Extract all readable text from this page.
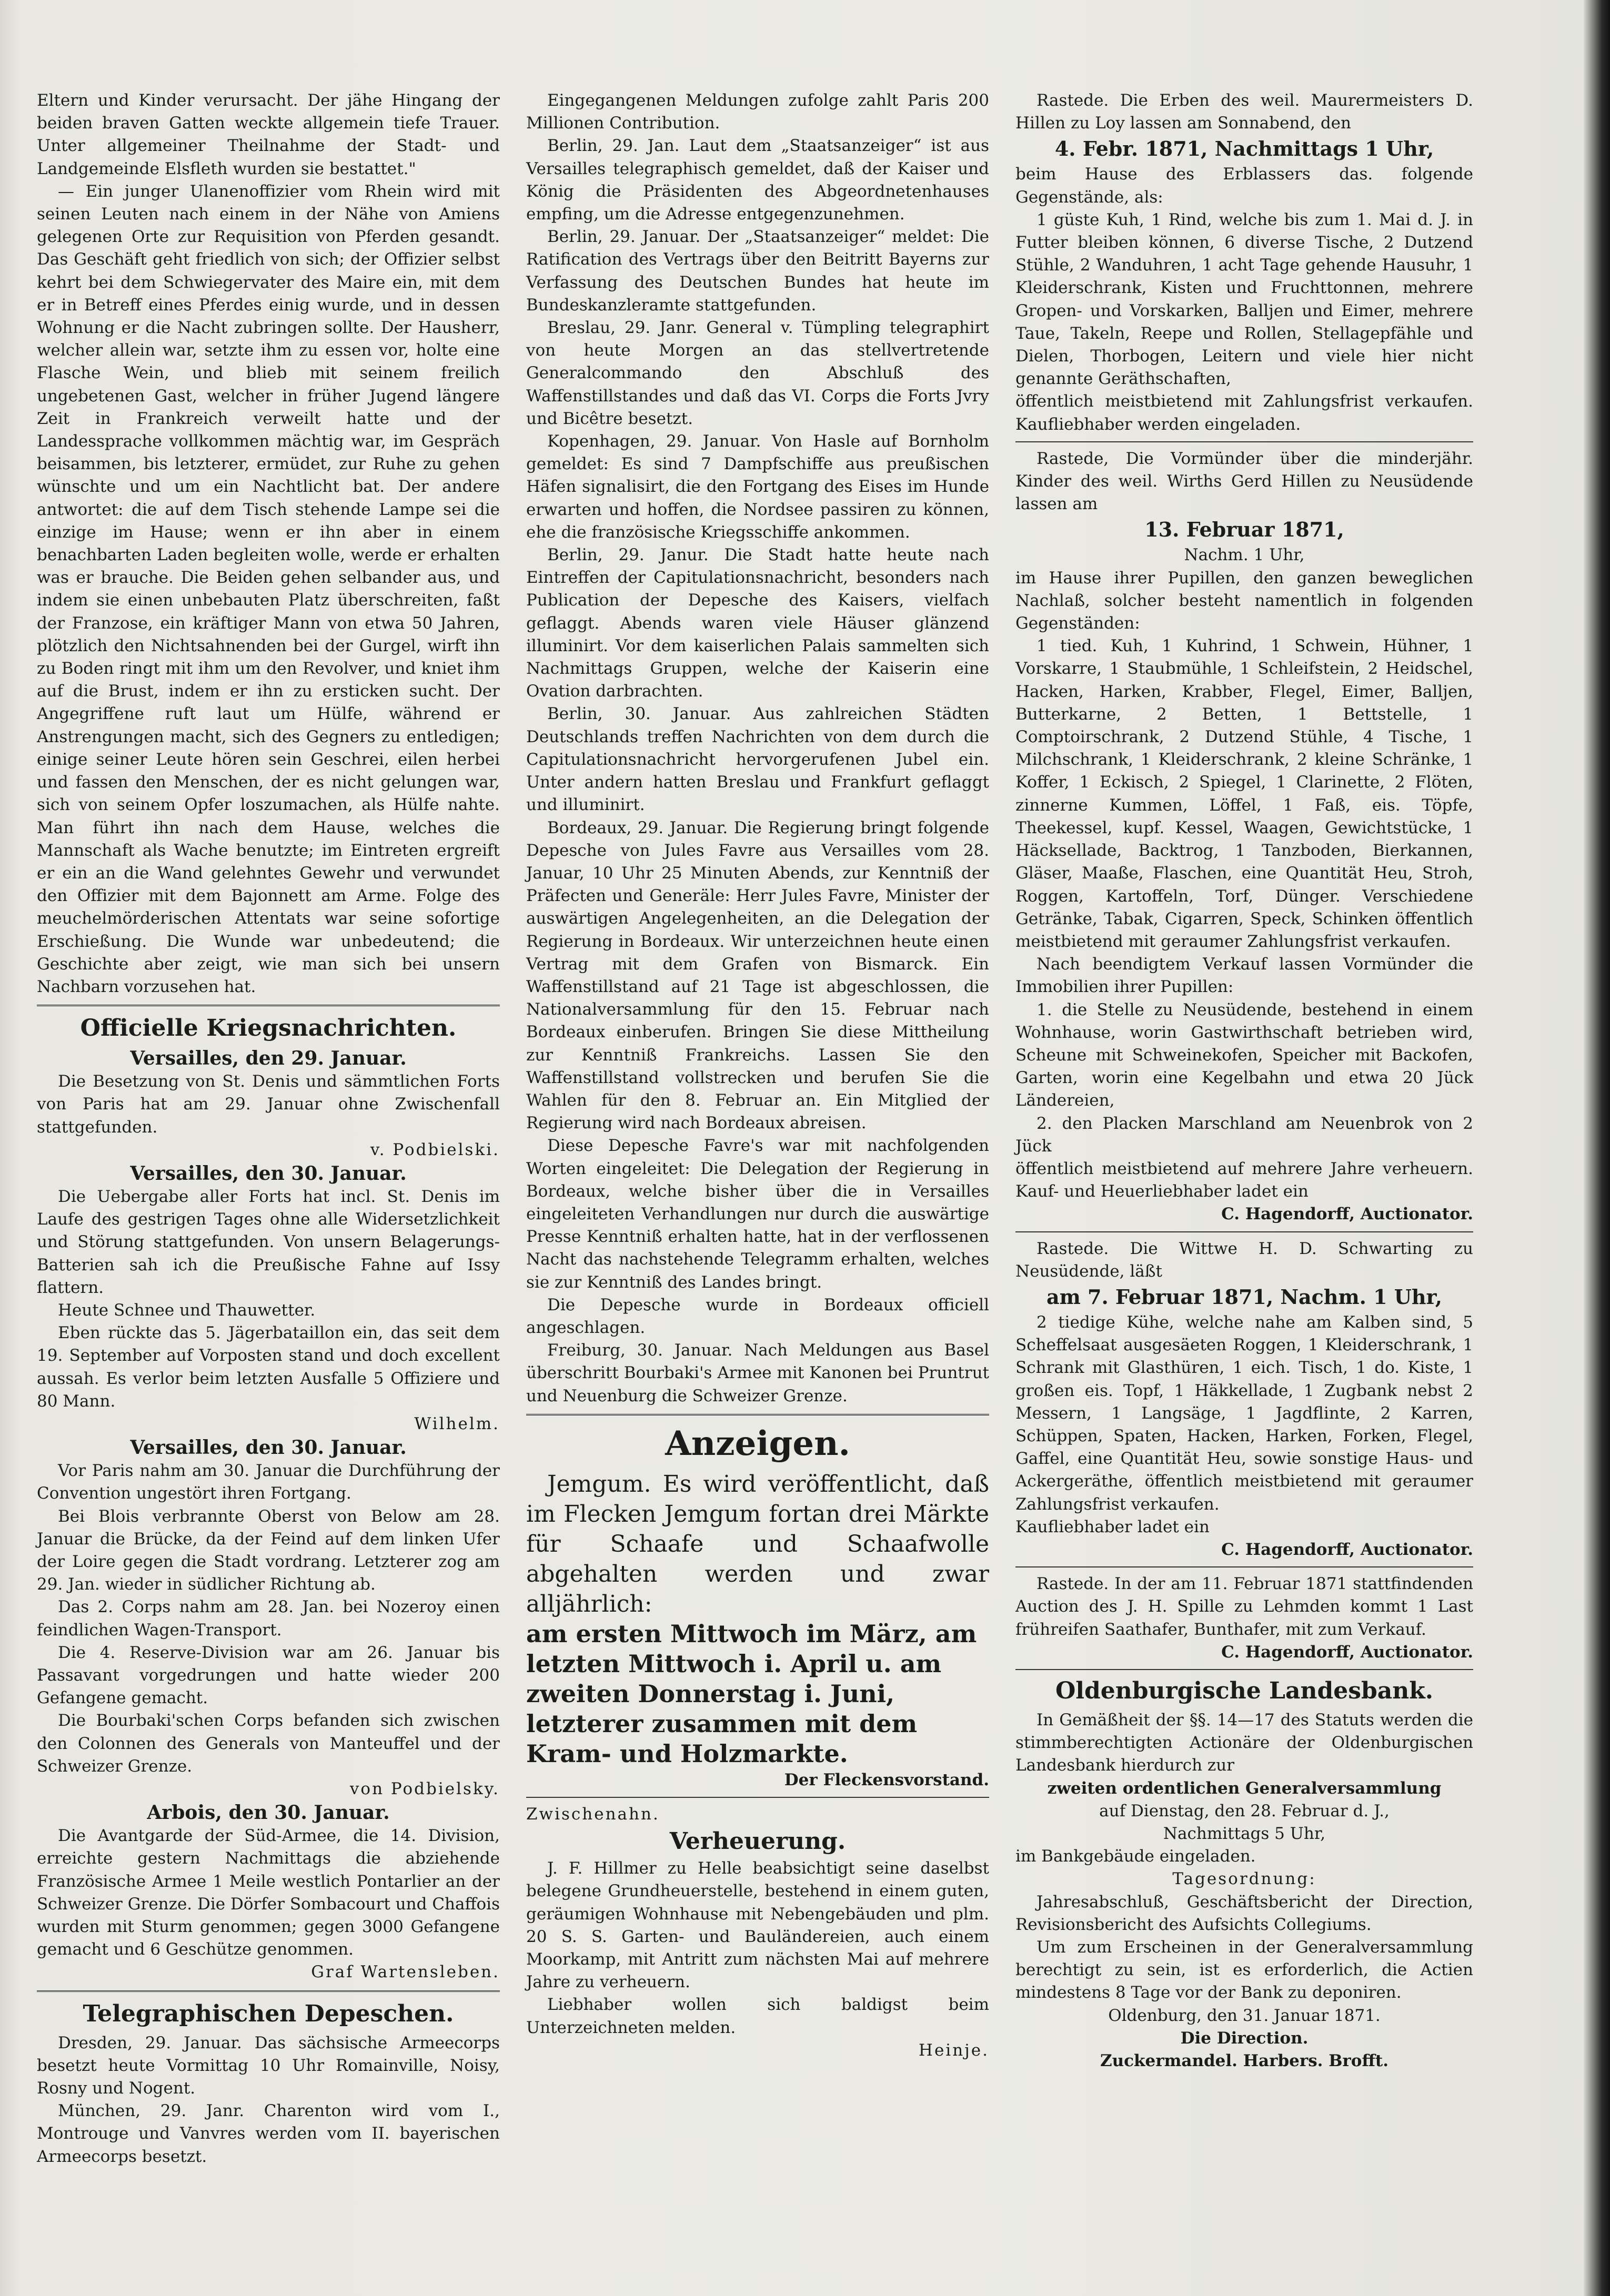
Eltern und Kinder verursacht. Der jähe Hingang der beiden braven Gatten weckte allgemein tiefe Trauer. Unter allgemeiner Theilnahme der Stadt- und Landgemeinde Elsfleth wurden sie bestattet."

— Ein junger Ulanenoffizier vom Rhein wird mit seinen Leuten nach einem in der Nähe von Amiens gelegenen Orte zur Requisition von Pferden gesandt. Das Geschäft geht friedlich von sich; der Offizier selbst kehrt bei dem Schwiegervater des Maire ein, mit dem er in Betreff eines Pferdes einig wurde, und in dessen Wohnung er die Nacht zubringen sollte. Der Hausherr, welcher allein war, setzte ihm zu essen vor, holte eine Flasche Wein, und blieb mit seinem freilich ungebetenen Gast, welcher in früher Jugend längere Zeit in Frankreich verweilt hatte und der Landessprache vollkommen mächtig war, im Gespräch beisammen, bis letzterer, ermüdet, zur Ruhe zu gehen wünschte und um ein Nachtlicht bat. Der andere antwortet: die auf dem Tisch stehende Lampe sei die einzige im Hause; wenn er ihn aber in einem benachbarten Laden begleiten wolle, werde er erhalten was er brauche. Die Beiden gehen selbander aus, und indem sie einen unbebauten Platz überschreiten, faßt der Franzose, ein kräftiger Mann von etwa 50 Jahren, plötzlich den Nichtsahnenden bei der Gurgel, wirft ihn zu Boden ringt mit ihm um den Revolver, und kniet ihm auf die Brust, indem er ihn zu ersticken sucht. Der Angegriffene ruft laut um Hülfe, während er Anstrengungen macht, sich des Gegners zu entledigen; einige seiner Leute hören sein Geschrei, eilen herbei und fassen den Menschen, der es nicht gelungen war, sich von seinem Opfer loszumachen, als Hülfe nahte. Man führt ihn nach dem Hause, welches die Mannschaft als Wache benutzte; im Eintreten ergreift er ein an die Wand gelehntes Gewehr und verwundet den Offizier mit dem Bajonnett am Arme. Folge des meuchelmörderischen Attentats war seine sofortige Erschießung. Die Wunde war unbedeutend; die Geschichte aber zeigt, wie man sich bei unsern Nachbarn vorzusehen hat.

Officielle Kriegsnachrichten.
Versailles, den 29. Januar.

Die Besetzung von St. Denis und sämmtlichen Forts von Paris hat am 29. Januar ohne Zwischenfall stattgefunden.

v. Podbielski.

Versailles, den 30. Januar.

Die Uebergabe aller Forts hat incl. St. Denis im Laufe des gestrigen Tages ohne alle Widersetzlichkeit und Störung stattgefunden. Von unsern Belagerungs-Batterien sah ich die Preußische Fahne auf Issy flattern.

Heute Schnee und Thauwetter.

Eben rückte das 5. Jägerbataillon ein, das seit dem 19. September auf Vorposten stand und doch excellent aussah. Es verlor beim letzten Ausfalle 5 Offiziere und 80 Mann.

Wilhelm.

Versailles, den 30. Januar.

Vor Paris nahm am 30. Januar die Durchführung der Convention ungestört ihren Fortgang.

Bei Blois verbrannte Oberst von Below am 28. Januar die Brücke, da der Feind auf dem linken Ufer der Loire gegen die Stadt vordrang. Letzterer zog am 29. Jan. wieder in südlicher Richtung ab.

Das 2. Corps nahm am 28. Jan. bei Nozeroy einen feindlichen Wagen-Transport.

Die 4. Reserve-Division war am 26. Januar bis Passavant vorgedrungen und hatte wieder 200 Gefangene gemacht.

Die Bourbaki'schen Corps befanden sich zwischen den Colonnen des Generals von Manteuffel und der Schweizer Grenze.

von Podbielsky.

Arbois, den 30. Januar.

Die Avantgarde der Süd-Armee, die 14. Division, erreichte gestern Nachmittags die abziehende Französische Armee 1 Meile westlich Pontarlier an der Schweizer Grenze. Die Dörfer Sombacourt und Chaffois wurden mit Sturm genommen; gegen 3000 Gefangene gemacht und 6 Geschütze genommen.

Graf Wartensleben.

Telegraphischen Depeschen.

Dresden, 29. Januar. Das sächsische Armeecorps besetzt heute Vormittag 10 Uhr Romainville, Noisy, Rosny und Nogent.

München, 29. Janr. Charenton wird vom I., Montrouge und Vanvres werden vom II. bayerischen Armeecorps besetzt.

Eingegangenen Meldungen zufolge zahlt Paris 200 Millionen Contribution.

Berlin, 29. Jan. Laut dem „Staatsanzeiger“ ist aus Versailles telegraphisch gemeldet, daß der Kaiser und König die Präsidenten des Abgeordnetenhauses empfing, um die Adresse entgegenzunehmen.

Berlin, 29. Januar. Der „Staatsanzeiger“ meldet: Die Ratification des Vertrags über den Beitritt Bayerns zur Verfassung des Deutschen Bundes hat heute im Bundeskanzleramte stattgefunden.

Breslau, 29. Janr. General v. Tümpling telegraphirt von heute Morgen an das stellvertretende Generalcommando den Abschluß des Waffenstillstandes und daß das VI. Corps die Forts Jvry und Bicêtre besetzt.

Kopenhagen, 29. Januar. Von Hasle auf Bornholm gemeldet: Es sind 7 Dampfschiffe aus preußischen Häfen signalisirt, die den Fortgang des Eises im Hunde erwarten und hoffen, die Nordsee passiren zu können, ehe die französische Kriegsschiffe ankommen.

Berlin, 29. Janur. Die Stadt hatte heute nach Eintreffen der Capitulationsnachricht, besonders nach Publication der Depesche des Kaisers, vielfach geflaggt. Abends waren viele Häuser glänzend illuminirt. Vor dem kaiserlichen Palais sammelten sich Nachmittags Gruppen, welche der Kaiserin eine Ovation darbrachten.

Berlin, 30. Januar. Aus zahlreichen Städten Deutschlands treffen Nachrichten von dem durch die Capitulationsnachricht hervorgerufenen Jubel ein. Unter andern hatten Breslau und Frankfurt geflaggt und illuminirt.

Bordeaux, 29. Januar. Die Regierung bringt folgende Depesche von Jules Favre aus Versailles vom 28. Januar, 10 Uhr 25 Minuten Abends, zur Kenntniß der Präfecten und Generäle: Herr Jules Favre, Minister der auswärtigen Angelegenheiten, an die Delegation der Regierung in Bordeaux. Wir unterzeichnen heute einen Vertrag mit dem Grafen von Bismarck. Ein Waffenstillstand auf 21 Tage ist abgeschlossen, die Nationalversammlung für den 15. Februar nach Bordeaux einberufen. Bringen Sie diese Mittheilung zur Kenntniß Frankreichs. Lassen Sie den Waffenstillstand vollstrecken und berufen Sie die Wahlen für den 8. Februar an. Ein Mitglied der Regierung wird nach Bordeaux abreisen.

Diese Depesche Favre's war mit nachfolgenden Worten eingeleitet: Die Delegation der Regierung in Bordeaux, welche bisher über die in Versailles eingeleiteten Verhandlungen nur durch die auswärtige Presse Kenntniß erhalten hatte, hat in der verflossenen Nacht das nachstehende Telegramm erhalten, welches sie zur Kenntniß des Landes bringt.

Die Depesche wurde in Bordeaux officiell angeschlagen.

Freiburg, 30. Januar. Nach Meldungen aus Basel überschritt Bourbaki's Armee mit Kanonen bei Pruntrut und Neuenburg die Schweizer Grenze.

Anzeigen.

Jemgum. Es wird veröffentlicht, daß im Flecken Jemgum fortan drei Märkte für Schaafe und Schaafwolle abgehalten werden und zwar alljährlich:

am ersten Mittwoch im März, am letzten Mittwoch i. April u. am zweiten Donnerstag i. Juni, letzterer zusammen mit dem Kram- und Holzmarkte.

Der Fleckensvorstand.

Zwischenahn.

Verheuerung.

J. F. Hillmer zu Helle beabsichtigt seine daselbst belegene Grundheuerstelle, bestehend in einem guten, geräumigen Wohnhause mit Nebengebäuden und plm. 20 S. S. Garten- und Bauländereien, auch einem Moorkamp, mit Antritt zum nächsten Mai auf mehrere Jahre zu verheuern.

Liebhaber wollen sich baldigst beim Unterzeichneten melden.

Heinje.

Rastede. Die Erben des weil. Maurermeisters D. Hillen zu Loy lassen am Sonnabend, den

4. Febr. 1871, Nachmittags 1 Uhr,

beim Hause des Erblassers das. folgende Gegenstände, als:

1 güste Kuh, 1 Rind, welche bis zum 1. Mai d. J. in Futter bleiben können, 6 diverse Tische, 2 Dutzend Stühle, 2 Wanduhren, 1 acht Tage gehende Hausuhr, 1 Kleiderschrank, Kisten und Fruchttonnen, mehrere Gropen- und Vorskarken, Balljen und Eimer, mehrere Taue, Takeln, Reepe und Rollen, Stellagepfähle und Dielen, Thorbogen, Leitern und viele hier nicht genannte Geräthschaften,

öffentlich meistbietend mit Zahlungsfrist verkaufen. Kaufliebhaber werden eingeladen.

Rastede, Die Vormünder über die minderjähr. Kinder des weil. Wirths Gerd Hillen zu Neusüdende lassen am

13. Februar 1871,

Nachm. 1 Uhr,

im Hause ihrer Pupillen, den ganzen beweglichen Nachlaß, solcher besteht namentlich in folgenden Gegenständen:

1 tied. Kuh, 1 Kuhrind, 1 Schwein, Hühner, 1 Vorskarre, 1 Staubmühle, 1 Schleifstein, 2 Heidschel, Hacken, Harken, Krabber, Flegel, Eimer, Balljen, Butterkarne, 2 Betten, 1 Bettstelle, 1 Comptoirschrank, 2 Dutzend Stühle, 4 Tische, 1 Milchschrank, 1 Kleiderschrank, 2 kleine Schränke, 1 Koffer, 1 Eckisch, 2 Spiegel, 1 Clarinette, 2 Flöten, zinnerne Kummen, Löffel, 1 Faß, eis. Töpfe, Theekessel, kupf. Kessel, Waagen, Gewichtstücke, 1 Häcksellade, Backtrog, 1 Tanzboden, Bierkannen, Gläser, Maaße, Flaschen, eine Quantität Heu, Stroh, Roggen, Kartoffeln, Torf, Dünger. Verschiedene Getränke, Tabak, Cigarren, Speck, Schinken öffentlich meistbietend mit geraumer Zahlungsfrist verkaufen.

Nach beendigtem Verkauf lassen Vormünder die Immobilien ihrer Pupillen:

1. die Stelle zu Neusüdende, bestehend in einem Wohnhause, worin Gastwirthschaft betrieben wird, Scheune mit Schweinekofen, Speicher mit Backofen, Garten, worin eine Kegelbahn und etwa 20 Jück Ländereien,

2. den Placken Marschland am Neuenbrok von 2 Jück

öffentlich meistbietend auf mehrere Jahre verheuern. Kauf- und Heuerliebhaber ladet ein

C. Hagendorff, Auctionator.

Rastede. Die Wittwe H. D. Schwarting zu Neusüdende, läßt

am 7. Februar 1871, Nachm. 1 Uhr,

2 tiedige Kühe, welche nahe am Kalben sind, 5 Scheffelsaat ausgesäeten Roggen, 1 Kleiderschrank, 1 Schrank mit Glasthüren, 1 eich. Tisch, 1 do. Kiste, 1 großen eis. Topf, 1 Häkkellade, 1 Zugbank nebst 2 Messern, 1 Langsäge, 1 Jagdflinte, 2 Karren, Schüppen, Spaten, Hacken, Harken, Forken, Flegel, Gaffel, eine Quantität Heu, sowie sonstige Haus- und Ackergeräthe, öffentlich meistbietend mit geraumer Zahlungsfrist verkaufen.

Kaufliebhaber ladet ein

C. Hagendorff, Auctionator.

Rastede. In der am 11. Februar 1871 stattfindenden Auction des J. H. Spille zu Lehmden kommt 1 Last frühreifen Saathafer, Bunthafer, mit zum Verkauf.

C. Hagendorff, Auctionator.

Oldenburgische Landesbank.

In Gemäßheit der §§. 14—17 des Statuts werden die stimmberechtigten Actionäre der Oldenburgischen Landesbank hierdurch zur

zweiten ordentlichen Generalversammlung

auf Dienstag, den 28. Februar d. J.,

Nachmittags 5 Uhr,

im Bankgebäude eingeladen.

Tagesordnung:

Jahresabschluß, Geschäftsbericht der Direction, Revisionsbericht des Aufsichts Collegiums.

Um zum Erscheinen in der Generalversammlung berechtigt zu sein, ist es erforderlich, die Actien mindestens 8 Tage vor der Bank zu deponiren.

Oldenburg, den 31. Januar 1871.

Die Direction.

Zuckermandel. Harbers. Brofft.
